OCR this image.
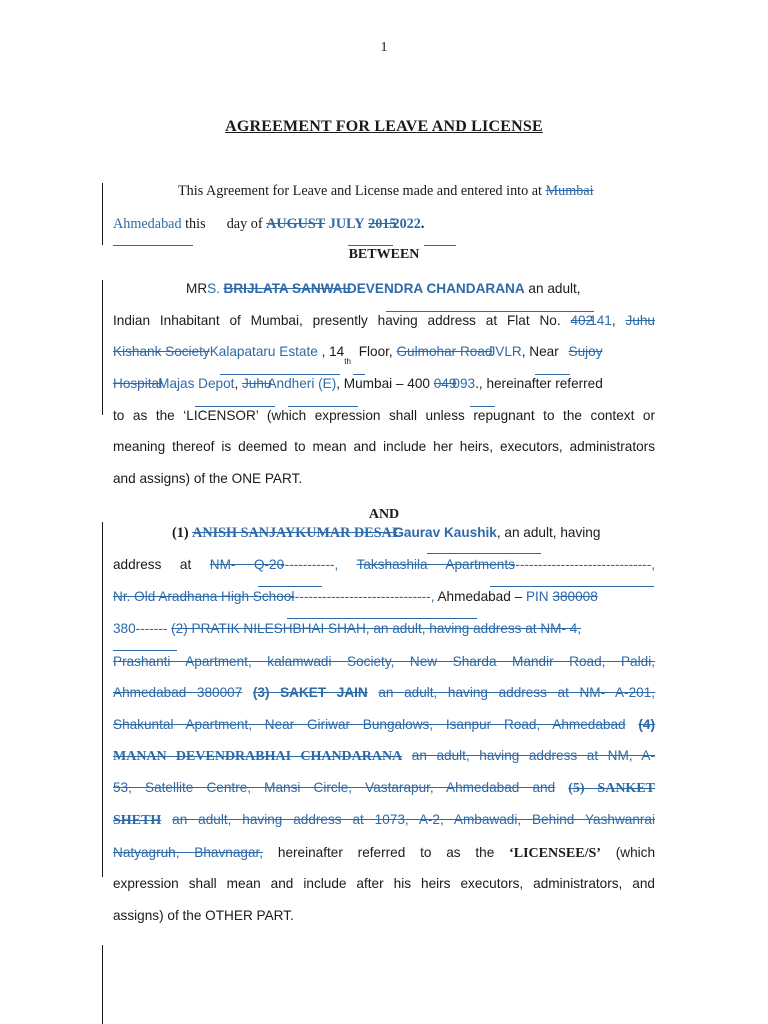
1
AGREEMENT FOR LEAVE AND LICENSE
This Agreement for Leave and License made and entered into at Mumbai
Ahmedabad this day of AUGUST JULY 20152022.
BETWEEN
MRS. BRIJLATA SANWALDEVENDRA CHANDARANA an adult,
Indian Inhabitant of Mumbai, presently having address at Flat No. 402141, Juhu
Kishank SocietyKalapataru Estate , 14th Floor, Gulmohar RoadJVLR, Near Sujoy
HospitalMajas Depot, JuhuAndheri (E), Mumbai – 400 049093., hereinafter referred
to as the ‘LICENSOR’ (which expression shall unless repugnant to the context or
meaning thereof is deemed to mean and include her heirs, executors, administrators
and assigns) of the ONE PART.
AND
(1) ANISH SANJAYKUMAR DESAIGaurav Kaushik, an adult, having
address at NM- Q-20------------, Takshashila Apartments-------------------------------,
Nr. Old Aradhana High School-------------------------------, Ahmedabad – PIN 380008
380------- (2) PRATIK NILESHBHAI SHAH, an adult, having address at NM- 4,
Prashanti Apartment, kalamwadi Society, New Sharda Mandir Road, Paldi,
Ahmedabad 380007 (3) SAKET JAIN an adult, having address at NM- A-201,
Shakuntal Apartment, Near Giriwar Bungalows, Isanpur Road, Ahmedabad (4)
MANAN DEVENDRABHAI CHANDARANA an adult, having address at NM, A-
53, Satellite Centre, Mansi Circle, Vastarapur, Ahmedabad and (5) SANKET
SHETH an adult, having address at 1073, A-2, Ambawadi, Behind Yashwanrai
Natyagruh, Bhavnagar, hereinafter referred to as the ‘LICENSEE/S’ (which
expression shall mean and include after his heirs executors, administrators, and
assigns) of the OTHER PART.
